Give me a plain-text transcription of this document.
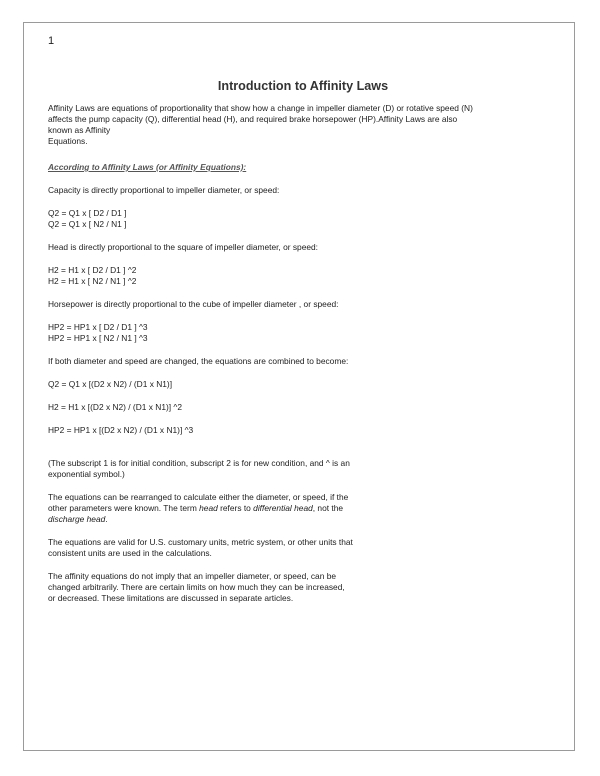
1
Introduction to Affinity Laws

Affinity Laws are equations of proportionality that show how a change in impeller diameter (D) or rotative speed (N)

affects the pump capacity (Q), differential head (H), and required brake horsepower (HP).Affinity Laws are also

known as Affinity

Equations.

According to Affinity Laws (or Affinity Equations):

Capacity is directly proportional to impeller diameter, or speed:

Q2 = Q1 x [ D2 / D1 ]

Q2 = Q1 x [ N2 / N1 ]

Head is directly proportional to the square of impeller diameter, or speed:

H2 = H1 x [ D2 / D1 ] ^2

H2 = H1 x [ N2 / N1 ] ^2

Horsepower is directly proportional to the cube of impeller diameter , or speed:

HP2 = HP1 x [ D2 / D1 ] ^3

HP2 = HP1 x [ N2 / N1 ] ^3

If both diameter and speed are changed, the equations are combined to become:

Q2 = Q1 x [(D2 x N2) / (D1 x N1)]

H2 = H1 x [(D2 x N2) / (D1 x N1)] ^2

HP2 = HP1 x [(D2 x N2) / (D1 x N1)] ^3

(The subscript 1 is for initial condition, subscript 2 is for new condition, and ^ is an

exponential symbol.)

The equations can be rearranged to calculate either the diameter, or speed, if the

other parameters were known. The term head refers to differential head, not the

discharge head.

The equations are valid for U.S. customary units, metric system, or other units that

consistent units are used in the calculations.

The affinity equations do not imply that an impeller diameter, or speed, can be

changed arbitrarily. There are certain limits on how much they can be increased,

or decreased. These limitations are discussed in separate articles.
